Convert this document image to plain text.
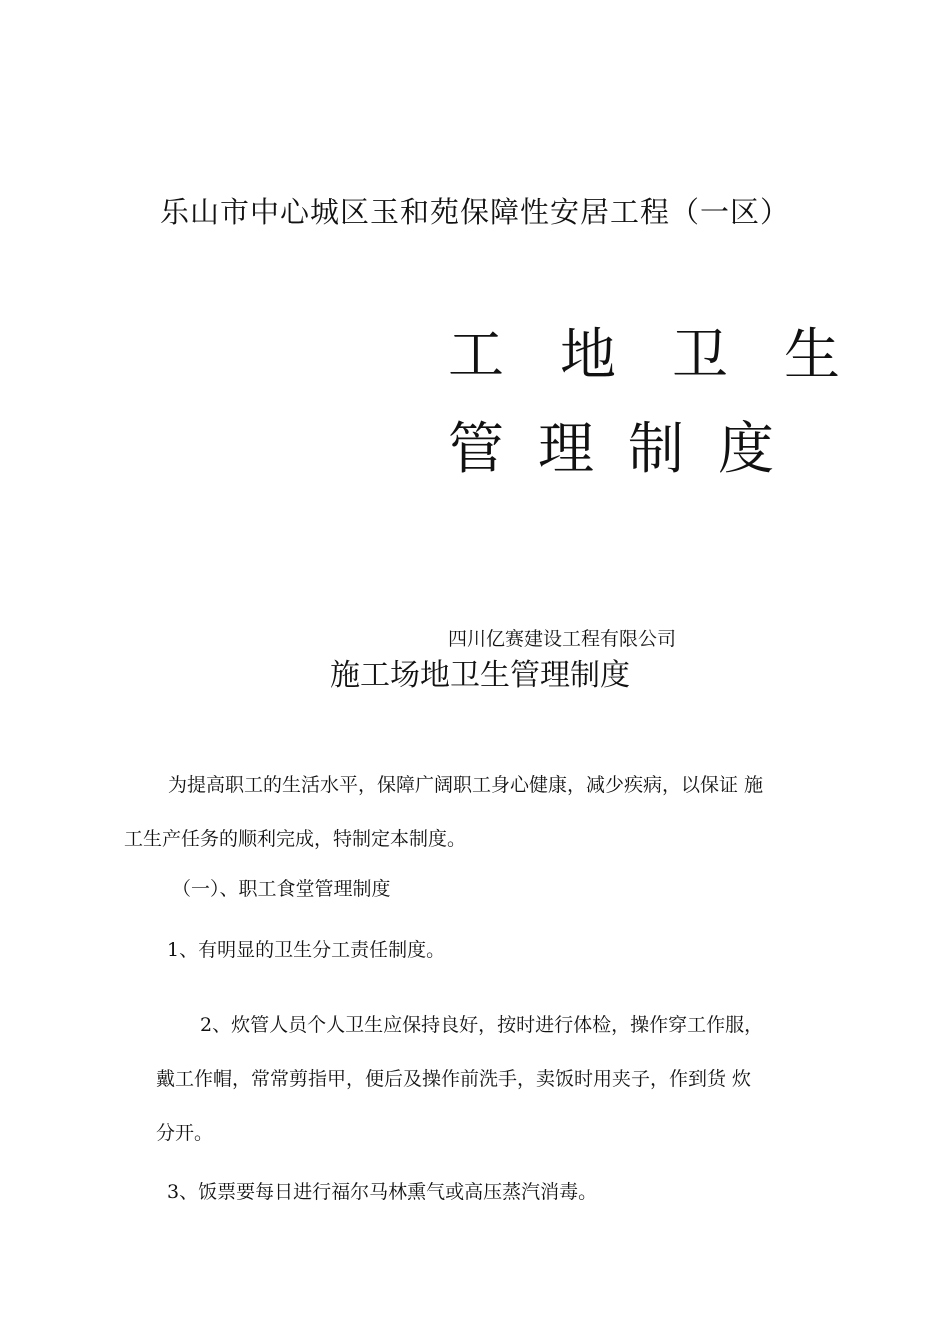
乐山市中心城区玉和苑保障性安居工程（一区）
工 地 卫 生
管 理 制 度
四川亿赛建设工程有限公司
施工场地卫生管理制度
为提高职工的生活水平，保障广阔职工身心健康，减少疾病，以保证 施
工生产任务的顺利完成，特制定本制度。
（一）、职工食堂管理制度
1、有明显的卫生分工责任制度。
2、炊管人员个人卫生应保持良好，按时进行体检，操作穿工作服，
戴工作帽，常常剪指甲，便后及操作前洗手，卖饭时用夹子，作到货 炊
分开。
3、饭票要每日进行福尔马林熏气或高压蒸汽消毒。
